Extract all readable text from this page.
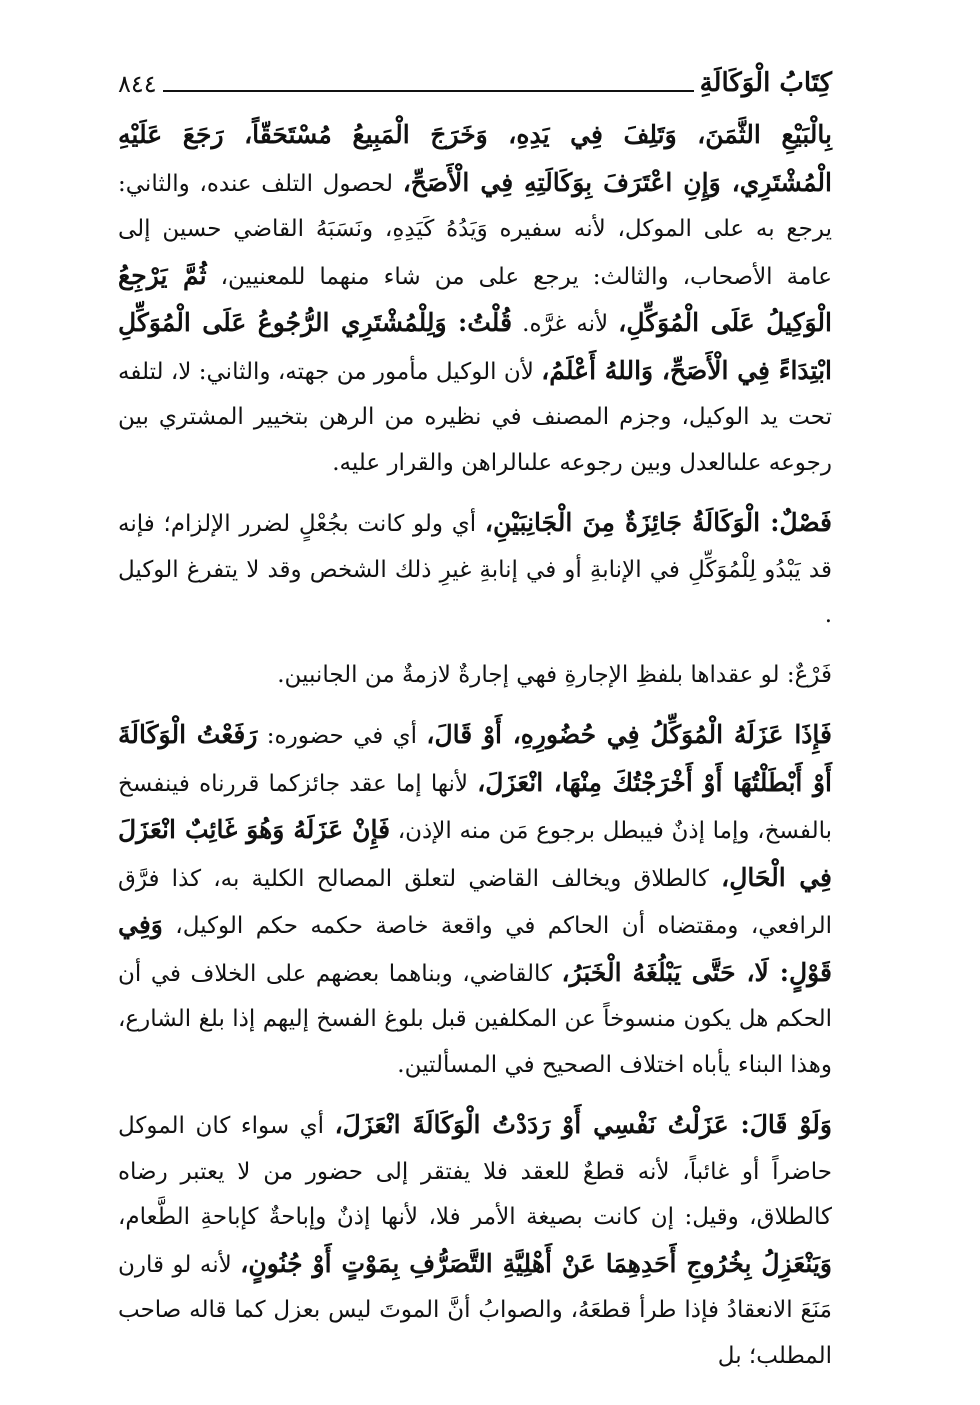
كِتَابُ الْوَكَالَةِ
٨٤٤

بِالْبَيْعِ الثَّمَنَ، وَتَلِفَ فِي يَدِهِ، وَخَرَجَ الْمَبِيعُ مُسْتَحَقّاً، رَجَعَ عَلَيْهِ الْمُشْتَرِي، وَإِنِ اعْتَرَفَ بِوَكَالَتِهِ فِي الْأَصَحِّ، لحصول التلف عنده، والثاني: يرجع به على الموكل، لأنه سفيره وَيَدُهُ كَيَدِهِ، ونَسَبَهُ القاضي حسين إلى عامة الأصحاب، والثالث: يرجع على من شاء منهما للمعنيين، ثُمَّ يَرْجِعُ الْوَكِيلُ عَلَى الْمُوَكِّلِ، لأنه غرَّه. قُلْتُ: وَلِلْمُشْتَرِي الرُّجُوعُ عَلَى الْمُوَكِّلِ ابْتِدَاءً فِي الْأَصَحِّ، وَاللهُ أَعْلَمُ، لأن الوكيل مأمور من جهته، والثاني: لا، لتلفه تحت يد الوكيل، وجزم المصنف في نظيره من الرهن بتخيير المشتري بين رجوعه علىالعدل وبين رجوعه علىالراهن والقرار عليه.

فَصْلٌ: الْوَكَالَةُ جَائِزَةٌ مِنَ الْجَانِبَيْنِ، أي ولو كانت بجُعْلٍ لضرر الإلزام؛ فإنه قد يَبْدُو لِلْمُوَكِّلِ في الإنابةِ أو في إنابةِ غيرِ ذلك الشخص وقد لا يتفرغ الوكيل .

فَرْعٌ: لو عقداها بلفظِ الإجارةِ فهي إجارةٌ لازمةٌ من الجانبين.

فَإِذَا عَزَلَهُ الْمُوَكِّلُ فِي حُضُورِهِ، أَوْ قَالَ، أي في حضوره: رَفَعْتُ الْوَكَالَةَ أَوْ أَبْطَلْتُهَا أَوْ أَخْرَجْتُكَ مِنْهَا، انْعَزَلَ، لأنها إما عقد جائزكما قررناه فينفسخ بالفسخ، وإما إذنٌ فيبطل برجوع مَن منه الإذن، فَإِنْ عَزَلَهُ وَهُوَ غَائِبٌ انْعَزَلَ فِي الْحَالِ، كالطلاق ويخالف القاضي لتعلق المصالح الكلية به، كذا فرَّق الرافعي، ومقتضاه أن الحاكم في واقعة خاصة حكمه حكم الوكيل، وَفِي قَوْلٍ: لَا، حَتَّى يَبْلُغَهُ الْخَبَرُ، كالقاضي، وبناهما بعضهم على الخلاف في أن الحكم هل يكون منسوخاً عن المكلفين قبل بلوغ الفسخ إليهم إذا بلغ الشارع، وهذا البناء يأباه اختلاف الصحيح في المسألتين.

وَلَوْ قَالَ: عَزَلْتُ نَفْسِي أَوْ رَدَدْتُ الْوَكَالَةَ انْعَزَلَ، أي سواء كان الموكل حاضراً أو غائباً، لأنه قطعٌ للعقد فلا يفتقر إلى حضور من لا يعتبر رضاه كالطلاق، وقيل: إن كانت بصيغة الأمر فلا، لأنها إذنٌ وإباحةٌ كإباحةِ الطَّعام، وَيَنْعَزِلُ بِخُرُوجِ أَحَدِهِمَا عَنْ أَهْلِيَّةِ التَّصَرُّفِ بِمَوْتٍ أَوْ جُنُونٍ، لأنه لو قارن مَنَعَ الانعقادُ فإذا طرأ قطعَهُ، والصوابُ أنَّ الموتَ ليس بعزل كما قاله صاحب المطلب؛ بل
